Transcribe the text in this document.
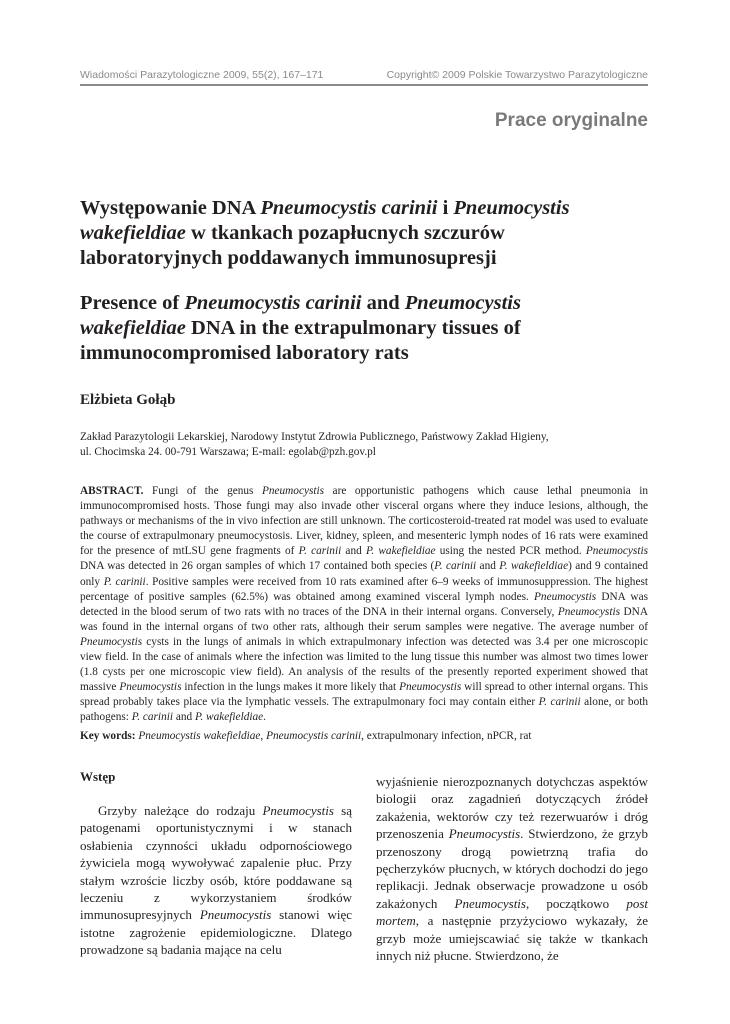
Wiadomości Parazytologiczne 2009, 55(2), 167–171	Copyright© 2009 Polskie Towarzystwo Parazytologiczne
Prace oryginalne
Występowanie DNA Pneumocystis carinii i Pneumocystis wakefieldiae w tkankach pozapłucnych szczurów laboratoryjnych poddawanych immunosupresji
Presence of Pneumocystis carinii and Pneumocystis wakefieldiae DNA in the extrapulmonary tissues of immunocompromised laboratory rats

Elżbieta Gołąb

Zakład Parazytologii Lekarskiej, Narodowy Instytut Zdrowia Publicznego, Państwowy Zakład Higieny,
ul. Chocimska 24. 00-791 Warszawa; E-mail: egolab@pzh.gov.pl

ABSTRACT. Fungi of the genus Pneumocystis are opportunistic pathogens which cause lethal pneumonia in immunocompromised hosts. Those fungi may also invade other visceral organs where they induce lesions, although, the pathways or mechanisms of the in vivo infection are still unknown. The corticosteroid-treated rat model was used to evaluate the course of extrapulmonary pneumocystosis. Liver, kidney, spleen, and mesenteric lymph nodes of 16 rats were examined for the presence of mtLSU gene fragments of P. carinii and P. wakefieldiae using the nested PCR method. Pneumocystis DNA was detected in 26 organ samples of which 17 contained both species (P. carinii and P. wakefieldiae) and 9 contained only P. carinii. Positive samples were received from 10 rats examined after 6–9 weeks of immunosuppression. The highest percentage of positive samples (62.5%) was obtained among examined visceral lymph nodes. Pneumocystis DNA was detected in the blood serum of two rats with no traces of the DNA in their internal organs. Conversely, Pneumocystis DNA was found in the internal organs of two other rats, although their serum samples were negative. The average number of Pneumocystis cysts in the lungs of animals in which extrapulmonary infection was detected was 3.4 per one microscopic view field. In the case of animals where the infection was limited to the lung tissue this number was almost two times lower (1.8 cysts per one microscopic view field). An analysis of the results of the presently reported experiment showed that massive Pneumocystis infection in the lungs makes it more likely that Pneumocystis will spread to other internal organs. This spread probably takes place via the lymphatic vessels. The extrapulmonary foci may contain either P. carinii alone, or both pathogens: P. carinii and P. wakefieldiae.

Key words: Pneumocystis wakefieldiae, Pneumocystis carinii, extrapulmonary infection, nPCR, rat

Wstęp

Grzyby należące do rodzaju Pneumocystis są patogenami oportunistycznymi i w stanach osłabienia czynności układu odpornościowego żywiciela mogą wywoływać zapalenie płuc. Przy stałym wzroście liczby osób, które poddawane są leczeniu z wykorzystaniem środków immunosupresyjnych Pneumocystis stanowi więc istotne zagrożenie epidemiologiczne. Dlatego prowadzone są badania mające na celu

wyjaśnienie nierozpoznanych dotychczas aspektów biologii oraz zagadnień dotyczących źródeł zakażenia, wektorów czy też rezerwuarów i dróg przenoszenia Pneumocystis. Stwierdzono, że grzyb przenoszony drogą powietrzną trafia do pęcherzyków płucnych, w których dochodzi do jego replikacji. Jednak obserwacje prowadzone u osób zakażonych Pneumocystis, początkowo post mortem, a następnie przyżyciowo wykazały, że grzyb może umiejscawiać się także w tkankach innych niż płucne. Stwierdzono, że
